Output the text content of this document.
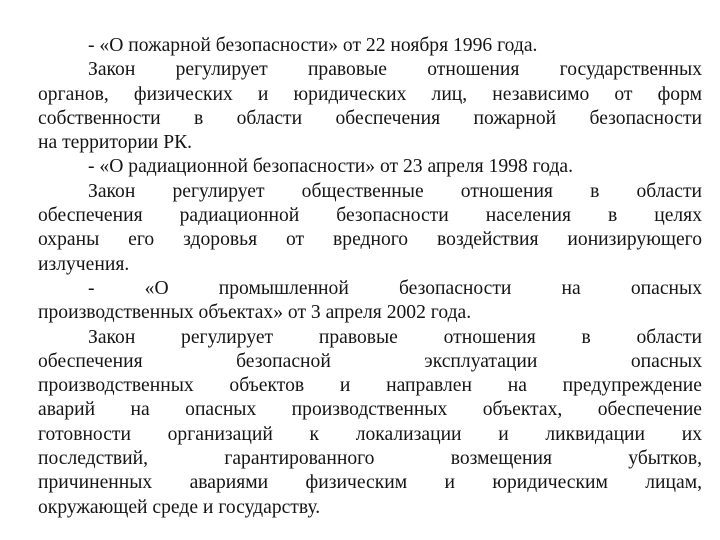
- «О пожарной безопасности» от 22 ноября 1996 года.
Закон регулирует правовые отношения государственных
органов, физических и юридических лиц, независимо от форм
собственности в области обеспечения пожарной безопасности
на территории РК.
- «О радиационной безопасности» от 23 апреля 1998 года.
Закон регулирует общественные отношения в области
обеспечения радиационной безопасности населения в целях
охраны его здоровья от вредного воздействия ионизирующего
излучения.
- «О промышленной безопасности на опасных
производственных объектах» от 3 апреля 2002 года.
Закон регулирует правовые отношения в области
обеспечения безопасной эксплуатации опасных
производственных объектов и направлен на предупреждение
аварий на опасных производственных объектах, обеспечение
готовности организаций к локализации и ликвидации их
последствий, гарантированного возмещения убытков,
причиненных авариями физическим и юридическим лицам,
окружающей среде и государству.
